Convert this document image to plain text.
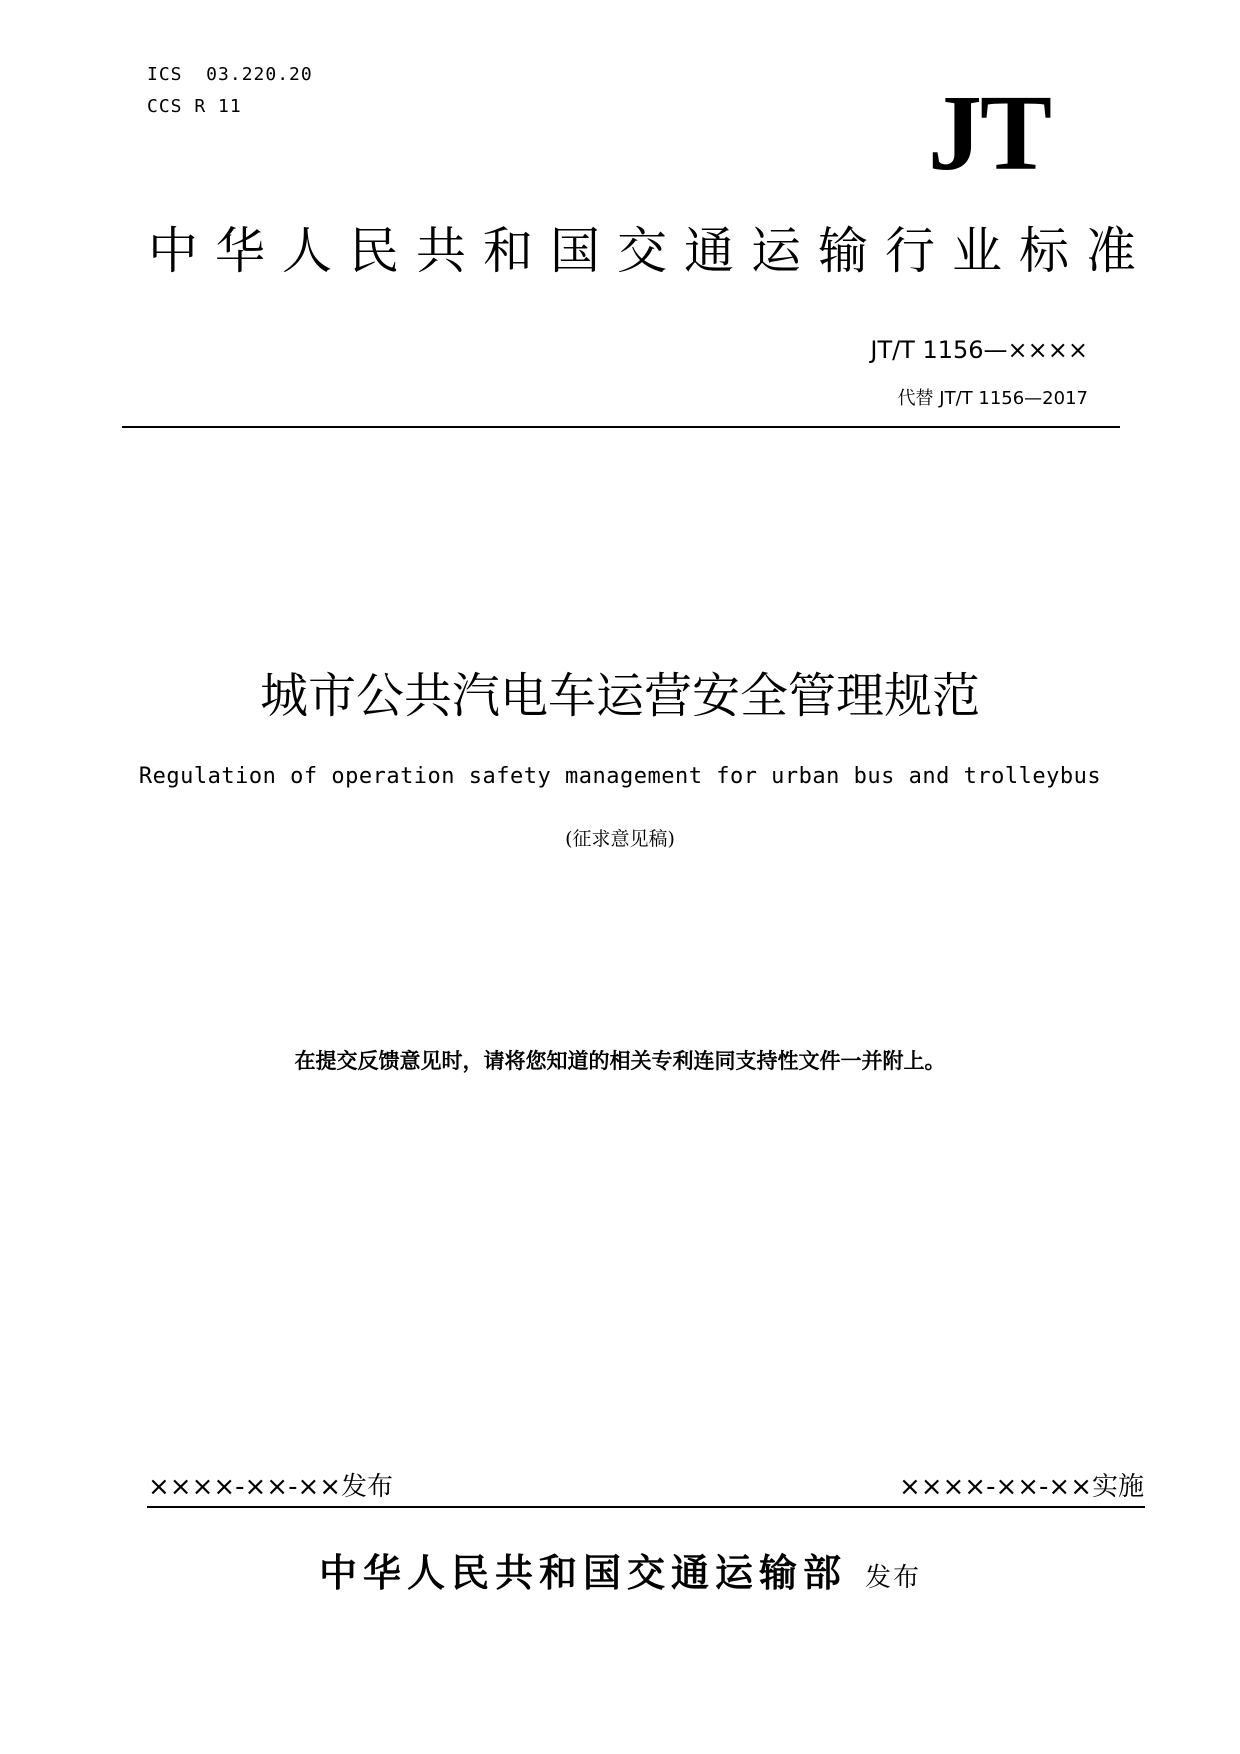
ICS  03.220.20
CCS R 11	JT
中华人民共和国交通运输行业标准
JT/T 1156—××××
代替 JT/T 1156—2017
城市公共汽电车运营安全管理规范
Regulation of operation safety management for urban bus and trolleybus
(征求意见稿)
在提交反馈意见时，请将您知道的相关专利连同支持性文件一并附上。
××××-××-××发布	××××-××-××实施
中华人民共和国交通运输部 发布
